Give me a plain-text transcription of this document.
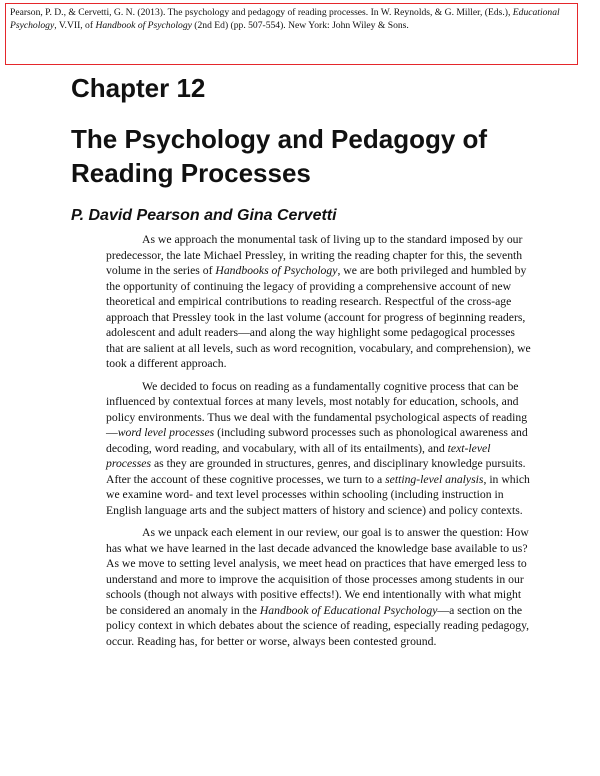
Pearson, P. D., & Cervetti, G. N. (2013). The psychology and pedagogy of reading processes. In W. Reynolds, & G. Miller, (Eds.), Educational Psychology, V.VII, of Handbook of Psychology (2nd Ed) (pp. 507-554). New York: John Wiley & Sons.
Chapter 12
The Psychology and Pedagogy of Reading Processes
P. David Pearson and Gina Cervetti

As we approach the monumental task of living up to the standard imposed by our predecessor, the late Michael Pressley, in writing the reading chapter for this, the seventh volume in the series of Handbooks of Psychology, we are both privileged and humbled by the opportunity of continuing the legacy of providing a comprehensive account of new theoretical and empirical contributions to reading research. Respectful of the cross-age approach that Pressley took in the last volume (account for progress of beginning readers, adolescent and adult readers—and along the way highlight some pedagogical processes that are salient at all levels, such as word recognition, vocabulary, and comprehension), we took a different approach.

We decided to focus on reading as a fundamentally cognitive process that can be influenced by contextual forces at many levels, most notably for education, schools, and policy environments. Thus we deal with the fundamental psychological aspects of reading—word level processes (including subword processes such as phonological awareness and decoding, word reading, and vocabulary, with all of its entailments), and text-level processes as they are grounded in structures, genres, and disciplinary knowledge pursuits. After the account of these cognitive processes, we turn to a setting-level analysis, in which we examine word- and text level processes within schooling (including instruction in English language arts and the subject matters of history and science) and policy contexts.

As we unpack each element in our review, our goal is to answer the question: How has what we have learned in the last decade advanced the knowledge base available to us? As we move to setting level analysis, we meet head on practices that have emerged less to understand and more to improve the acquisition of those processes among students in our schools (though not always with positive effects!). We end intentionally with what might be considered an anomaly in the Handbook of Educational Psychology—a section on the policy context in which debates about the science of reading, especially reading pedagogy, occur. Reading has, for better or worse, always been contested ground.
